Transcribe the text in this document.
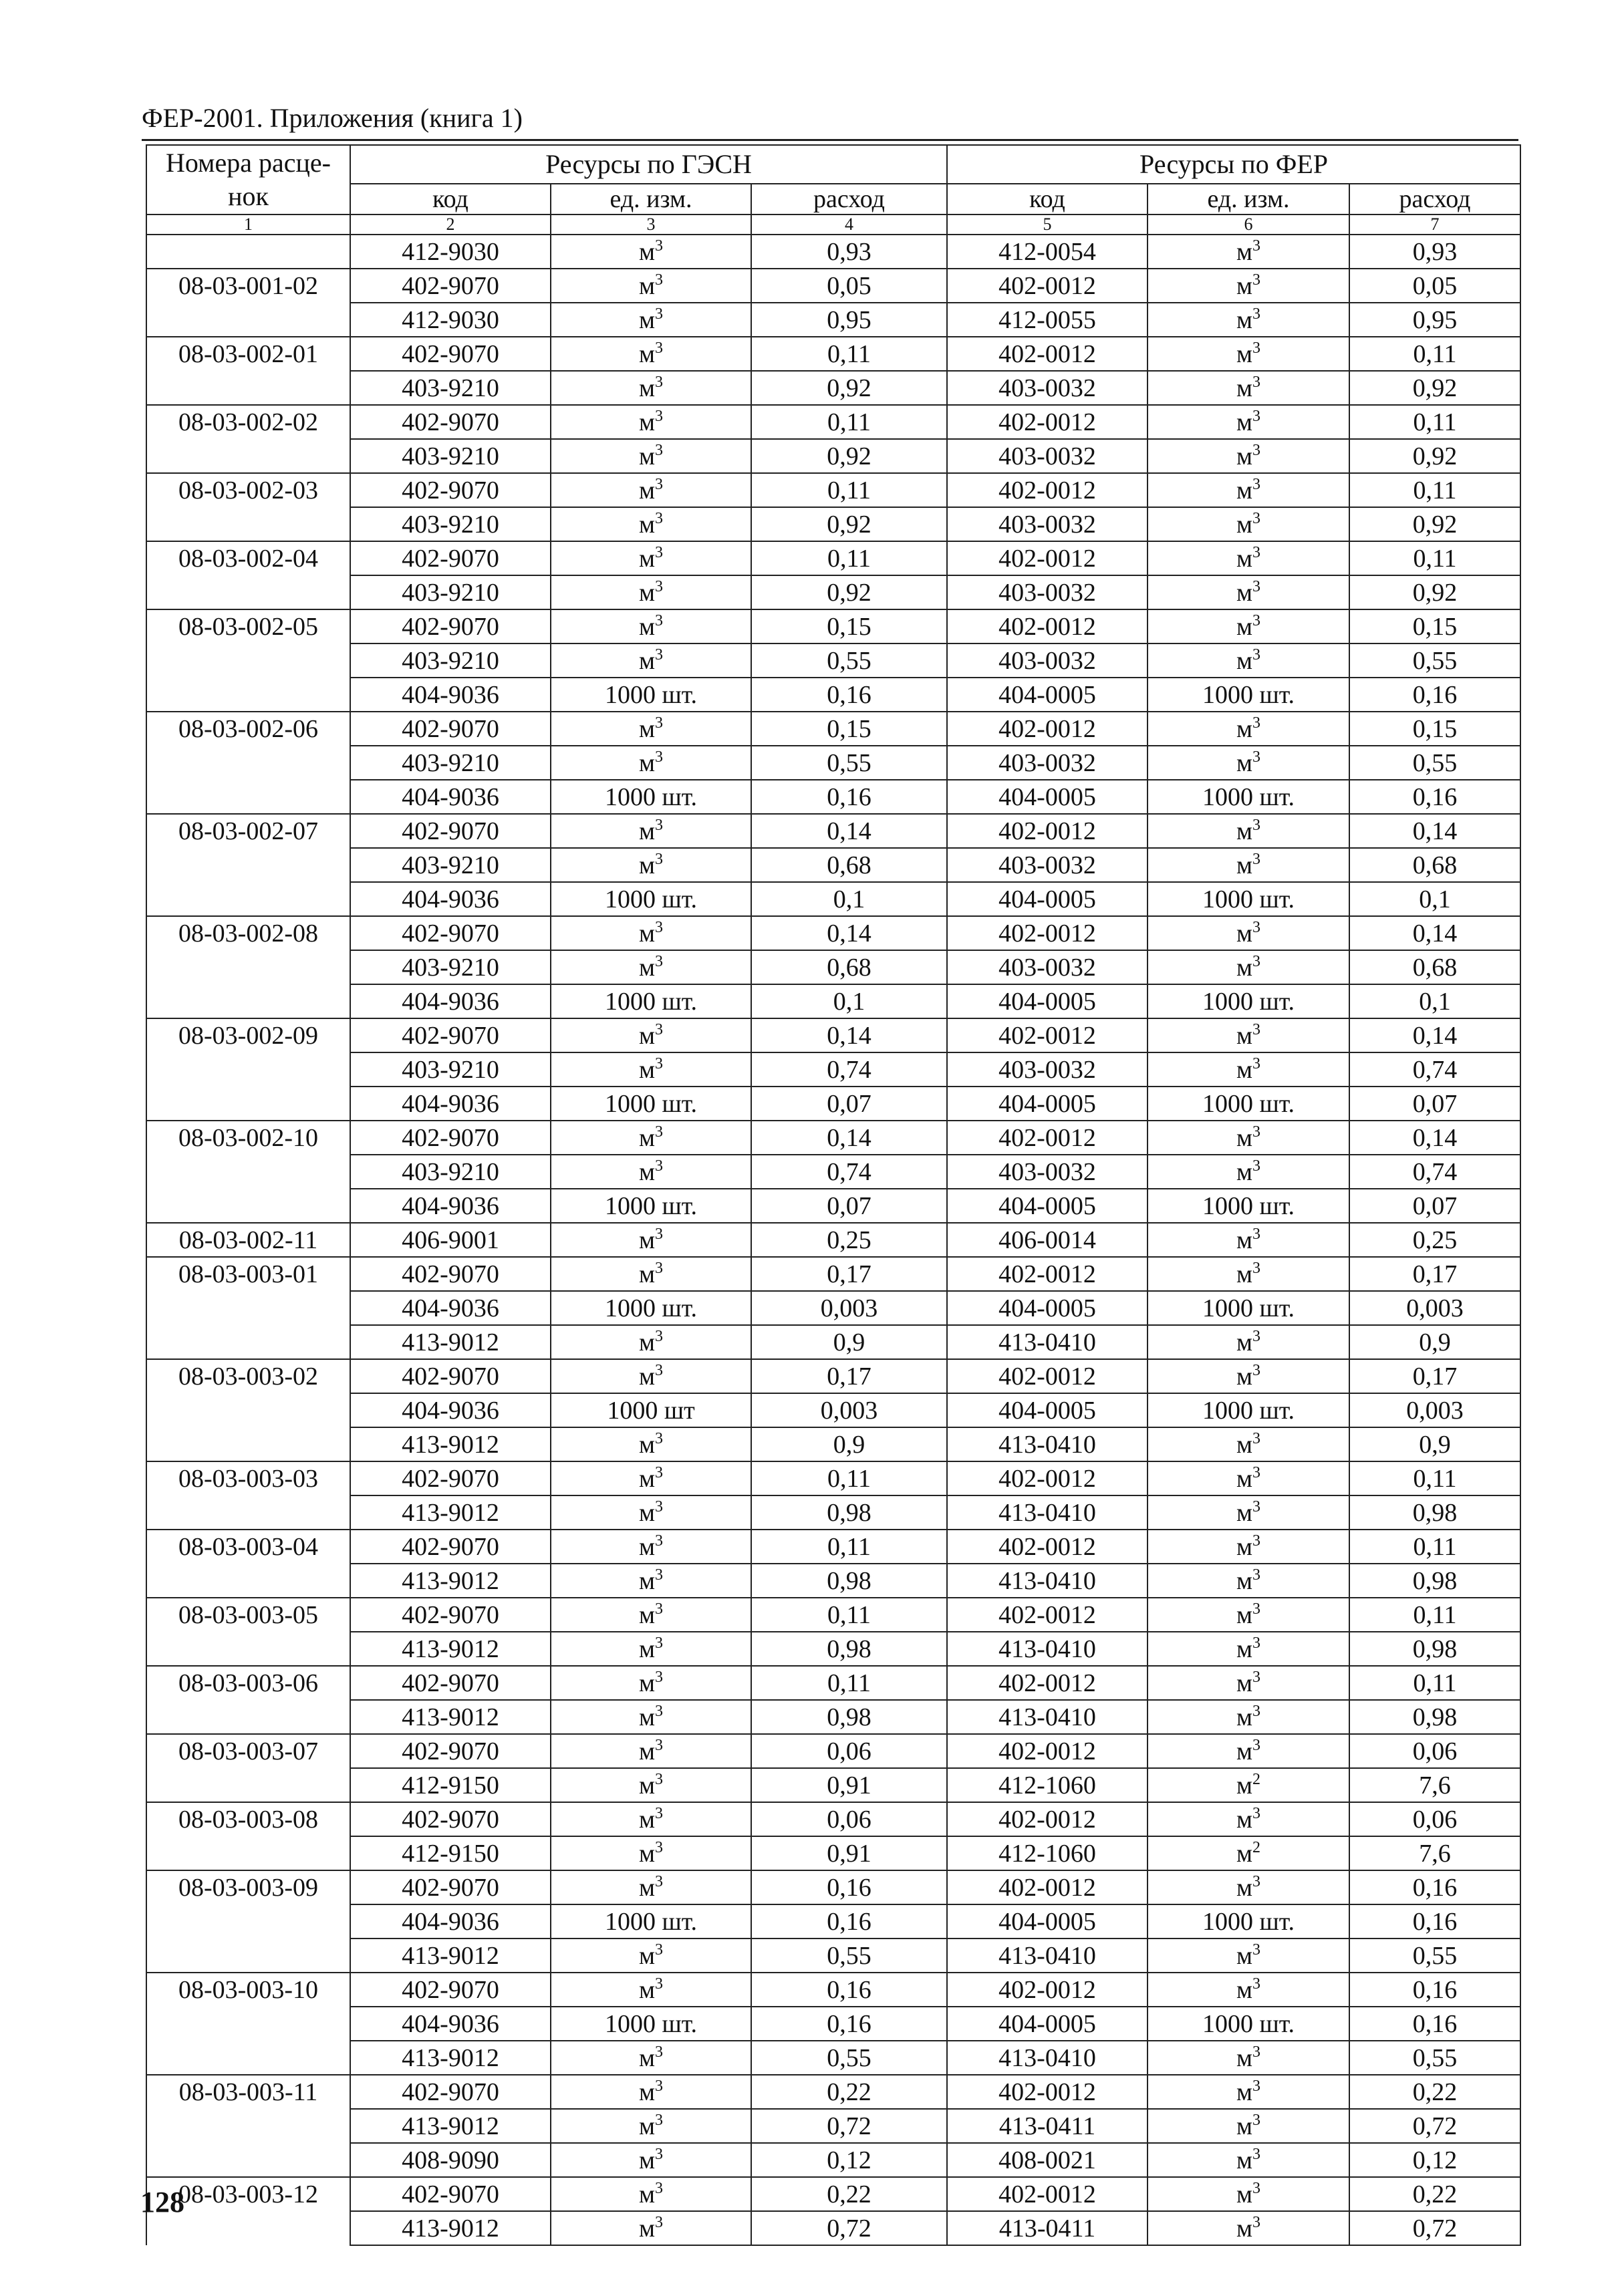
ФЕР-2001. Приложения (книга 1)
Номера расце-
нок	Ресурсы по ГЭСН			Ресурсы по ФЕР		
	код	ед. изм.	расход	код	ед. изм.	расход
1	2	3	4	5	6	7
	412-9030	$м^3$	0,93	412-0054	$м^3$	0,93
08-03-001-02	402-9070	$м^3$	0,05	402-0012	$м^3$	0,05
	412-9030	$м^3$	0,95	412-0055	$м^3$	0,95
08-03-002-01	402-9070	$м^3$	0,11	402-0012	$м^3$	0,11
	403-9210	$м^3$	0,92	403-0032	$м^3$	0,92
08-03-002-02	402-9070	$м^3$	0,11	402-0012	$м^3$	0,11
	403-9210	$м^3$	0,92	403-0032	$м^3$	0,92
08-03-002-03	402-9070	$м^3$	0,11	402-0012	$м^3$	0,11
	403-9210	$м^3$	0,92	403-0032	$м^3$	0,92
08-03-002-04	402-9070	$м^3$	0,11	402-0012	$м^3$	0,11
	403-9210	$м^3$	0,92	403-0032	$м^3$	0,92
08-03-002-05	402-9070	$м^3$	0,15	402-0012	$м^3$	0,15
	403-9210	$м^3$	0,55	403-0032	$м^3$	0,55
	404-9036	1000 шт.	0,16	404-0005	1000 шт.	0,16
08-03-002-06	402-9070	$м^3$	0,15	402-0012	$м^3$	0,15
	403-9210	$м^3$	0,55	403-0032	$м^3$	0,55
	404-9036	1000 шт.	0,16	404-0005	1000 шт.	0,16
08-03-002-07	402-9070	$м^3$	0,14	402-0012	$м^3$	0,14
	403-9210	$м^3$	0,68	403-0032	$м^3$	0,68
	404-9036	1000 шт.	0,1	404-0005	1000 шт.	0,1
08-03-002-08	402-9070	$м^3$	0,14	402-0012	$м^3$	0,14
	403-9210	$м^3$	0,68	403-0032	$м^3$	0,68
	404-9036	1000 шт.	0,1	404-0005	1000 шт.	0,1
08-03-002-09	402-9070	$м^3$	0,14	402-0012	$м^3$	0,14
	403-9210	$м^3$	0,74	403-0032	$м^3$	0,74
	404-9036	1000 шт.	0,07	404-0005	1000 шт.	0,07
08-03-002-10	402-9070	$м^3$	0,14	402-0012	$м^3$	0,14
	403-9210	$м^3$	0,74	403-0032	$м^3$	0,74
	404-9036	1000 шт.	0,07	404-0005	1000 шт.	0,07
08-03-002-11	406-9001	$м^3$	0,25	406-0014	$м^3$	0,25
08-03-003-01	402-9070	$м^3$	0,17	402-0012	$м^3$	0,17
	404-9036	1000 шт.	0,003	404-0005	1000 шт.	0,003
	413-9012	$м^3$	0,9	413-0410	$м^3$	0,9
08-03-003-02	402-9070	$м^3$	0,17	402-0012	$м^3$	0,17
	404-9036	1000 шт	0,003	404-0005	1000 шт.	0,003
	413-9012	$м^3$	0,9	413-0410	$м^3$	0,9
08-03-003-03	402-9070	$м^3$	0,11	402-0012	$м^3$	0,11
	413-9012	$м^3$	0,98	413-0410	$м^3$	0,98
08-03-003-04	402-9070	$м^3$	0,11	402-0012	$м^3$	0,11
	413-9012	$м^3$	0,98	413-0410	$м^3$	0,98
08-03-003-05	402-9070	$м^3$	0,11	402-0012	$м^3$	0,11
	413-9012	$м^3$	0,98	413-0410	$м^3$	0,98
08-03-003-06	402-9070	$м^3$	0,11	402-0012	$м^3$	0,11
	413-9012	$м^3$	0,98	413-0410	$м^3$	0,98
08-03-003-07	402-9070	$м^3$	0,06	402-0012	$м^3$	0,06
	412-9150	$м^3$	0,91	412-1060	$м^2$	7,6
08-03-003-08	402-9070	$м^3$	0,06	402-0012	$м^3$	0,06
	412-9150	$м^3$	0,91	412-1060	$м^2$	7,6
08-03-003-09	402-9070	$м^3$	0,16	402-0012	$м^3$	0,16
	404-9036	1000 шт.	0,16	404-0005	1000 шт.	0,16
	413-9012	$м^3$	0,55	413-0410	$м^3$	0,55
08-03-003-10	402-9070	$м^3$	0,16	402-0012	$м^3$	0,16
	404-9036	1000 шт.	0,16	404-0005	1000 шт.	0,16
	413-9012	$м^3$	0,55	413-0410	$м^3$	0,55
08-03-003-11	402-9070	$м^3$	0,22	402-0012	$м^3$	0,22
	413-9012	$м^3$	0,72	413-0411	$м^3$	0,72
	408-9090	$м^3$	0,12	408-0021	$м^3$	0,12
08-03-003-12	402-9070	$м^3$	0,22	402-0012	$м^3$	0,22
	413-9012	$м^3$	0,72	413-0411	$м^3$	0,72
128
